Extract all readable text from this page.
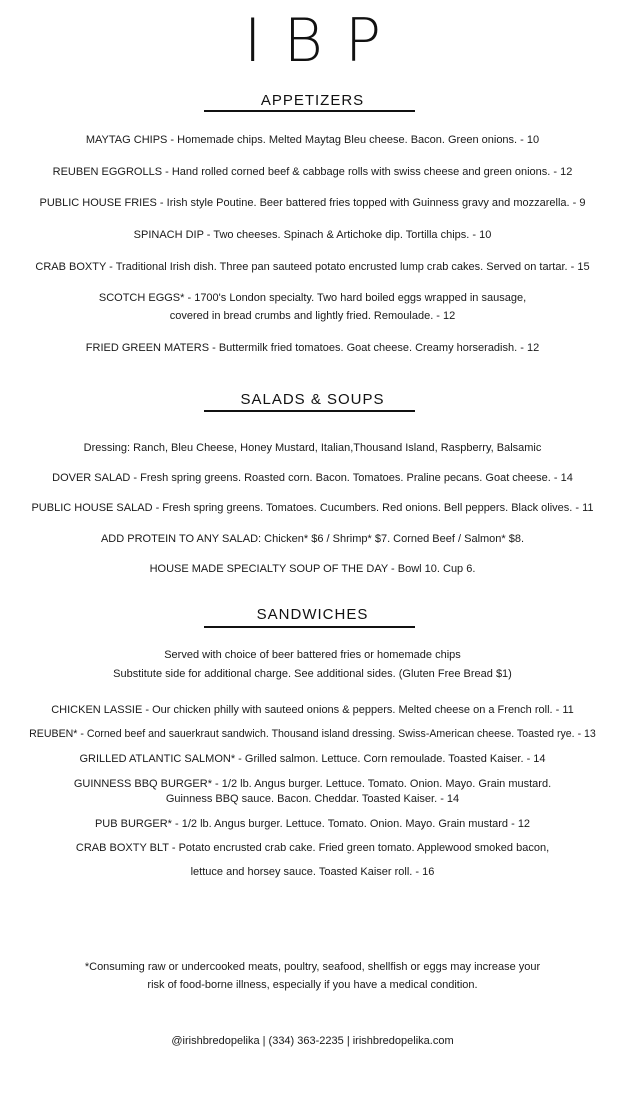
IBP
APPETIZERS
MAYTAG CHIPS - Homemade chips. Melted Maytag Bleu cheese. Bacon. Green onions. - 10
REUBEN EGGROLLS - Hand rolled corned beef & cabbage rolls with swiss cheese and green onions. - 12
PUBLIC HOUSE FRIES - Irish style Poutine. Beer battered fries topped with Guinness gravy and mozzarella. - 9
SPINACH DIP - Two cheeses. Spinach & Artichoke dip. Tortilla chips. - 10
CRAB BOXTY - Traditional Irish dish. Three pan sauteed potato encrusted lump crab cakes. Served on tartar. - 15
SCOTCH EGGS* - 1700's London specialty. Two hard boiled eggs wrapped in sausage,
covered in bread crumbs and lightly fried. Remoulade. - 12
FRIED GREEN MATERS - Buttermilk fried tomatoes. Goat cheese. Creamy horseradish. - 12
SALADS & SOUPS
Dressing: Ranch, Bleu Cheese, Honey Mustard, Italian,Thousand Island, Raspberry, Balsamic
DOVER SALAD - Fresh spring greens. Roasted corn. Bacon. Tomatoes. Praline pecans. Goat cheese. - 14
PUBLIC HOUSE SALAD - Fresh spring greens. Tomatoes. Cucumbers. Red onions. Bell peppers. Black olives. - 11
ADD PROTEIN TO ANY SALAD: Chicken* $6 / Shrimp* $7. Corned Beef / Salmon* $8.
HOUSE MADE SPECIALTY SOUP OF THE DAY - Bowl 10. Cup 6.
SANDWICHES
Served with choice of beer battered fries or homemade chips
Substitute side for additional charge. See additional sides. (Gluten Free Bread $1)
CHICKEN LASSIE - Our chicken philly with sauteed onions & peppers. Melted cheese on a French roll. - 11
REUBEN* - Corned beef and sauerkraut sandwich. Thousand island dressing. Swiss-American cheese. Toasted rye. - 13
GRILLED ATLANTIC SALMON* - Grilled salmon. Lettuce. Corn remoulade. Toasted Kaiser. - 14
GUINNESS BBQ BURGER* - 1/2 lb. Angus burger. Lettuce. Tomato. Onion. Mayo. Grain mustard.
Guinness BBQ sauce. Bacon. Cheddar. Toasted Kaiser. - 14
PUB BURGER* - 1/2 lb. Angus burger. Lettuce. Tomato. Onion. Mayo. Grain mustard - 12
CRAB BOXTY BLT - Potato encrusted crab cake. Fried green tomato. Applewood smoked bacon,
lettuce and horsey sauce. Toasted Kaiser roll. - 16
*Consuming raw or undercooked meats, poultry, seafood, shellfish or eggs may increase your
risk of food-borne illness, especially if you have a medical condition.
@irishbredopelika | (334) 363-2235 | irishbredopelika.com
